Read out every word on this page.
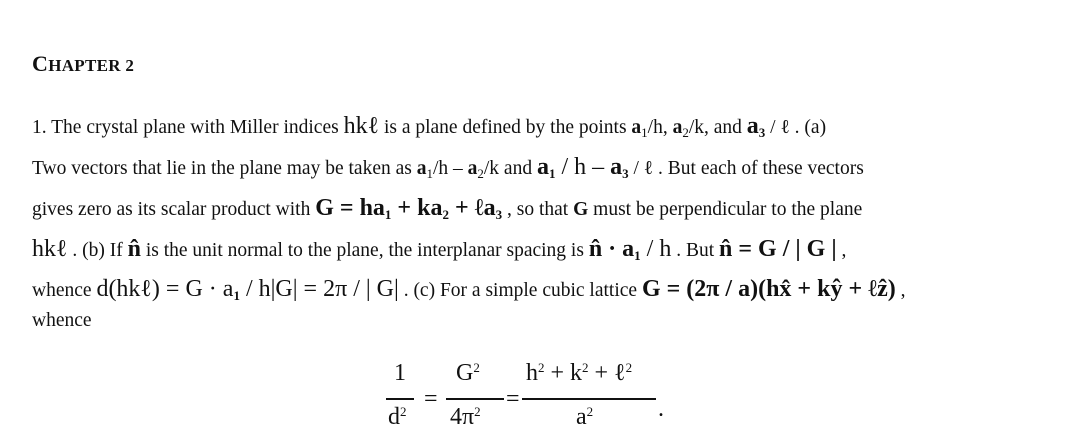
CHAPTER 2
1. The crystal plane with Miller indices hkℓ is a plane defined by the points $a_1/h$, $a_2/k$, and $a_3$ / ℓ . (a)
Two vectors that lie in the plane may be taken as $a_1/h - a_2/k$ and $a_1$ / h – $a_3$ / ℓ . But each of these vectors
gives zero as its scalar product with $G = ha_1 + ka_2$ + ℓa$_3$ , so that G must be perpendicular to the plane
hkℓ . (b) If n̂ is the unit normal to the plane, the interplanar spacing is n̂ · $a_1$ / h . But n̂ = G / | G | ,
whence d(hkℓ) = $G \cdot a_1 / h|G| = 2\pi$ / | G| . (c) For a simple cubic lattice G = (2π / a)(hx̂ + kŷ + ℓẑ) ,
whence
1
$d^2$ =
$G^2$
$4\pi^2$ =
$h^2 + k^2$ + ℓ$^2$
$a^2$	.
